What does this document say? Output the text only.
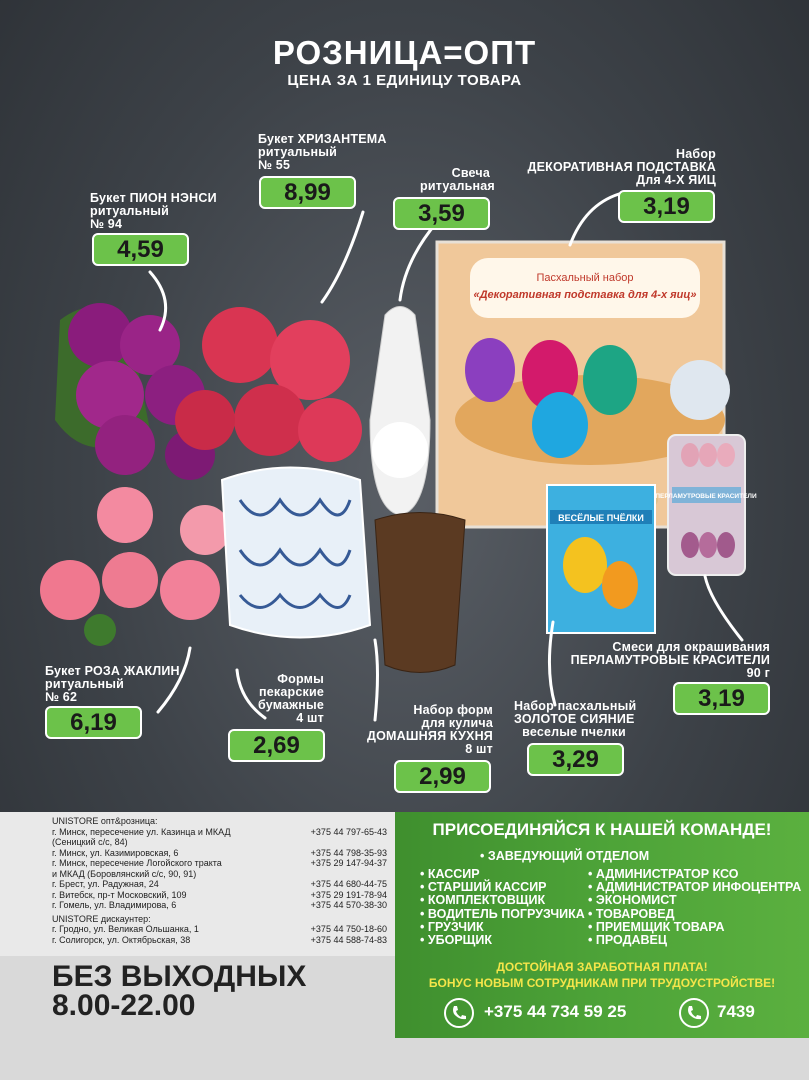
РОЗНИЦА=ОПТ
ЦЕНА ЗА 1 ЕДИНИЦУ ТОВАРА
Пасхальный набор
«Декоративная подставка для 4-х яиц»
ПЕРЛАМУТРОВЫЕ КРАСИТЕЛИ
ВЕСЁЛЫЕ ПЧЁЛКИ
Букет ПИОН НЭНСИ
ритуальный
№ 94
4,59
Букет ХРИЗАНТЕМА
ритуальный
№ 55
8,99
Свеча
ритуальная
3,59
Набор
ДЕКОРАТИВНАЯ ПОДСТАВКА
Для 4-Х ЯИЦ
3,19
Букет РОЗА ЖАКЛИН
ритуальный
№ 62
6,19
Формы
пекарские
бумажные
4 шт
2,69
Набор форм
для кулича
ДОМАШНЯЯ КУХНЯ
8 шт
2,99
Набор пасхальный
ЗОЛОТОЕ СИЯНИЕ
веселые пчелки
3,29
Смеси для окрашивания
ПЕРЛАМУТРОВЫЕ КРАСИТЕЛИ
90 г
3,19
UNISTORE опт&розница:
г. Минск, пересечение ул. Казинца и МКАД	+375 44 797-65-43
(Сеницкий с/с, 84)
г. Минск, ул. Казимировская, 6	+375 44 798-35-93
г. Минск, пересечение Логойского тракта	+375 29 147-94-37
и МКАД (Боровлянский с/с, 90, 91)
г. Брест, ул. Радужная, 24	+375 44 680-44-75
г. Витебск, пр-т Московский, 109	+375 29 191-78-94
г. Гомель, ул. Владимирова, 6	+375 44 570-38-30
UNISTORE дискаунтер:
г. Гродно, ул. Великая Ольшанка, 1	+375 44 750-18-60
г. Солигорск, ул. Октябрьская, 38	+375 44 588-74-83
БЕЗ ВЫХОДНЫХ
8.00-22.00
ПРИСОЕДИНЯЙСЯ К НАШЕЙ КОМАНДЕ!
• ЗАВЕДУЮЩИЙ ОТДЕЛОМ
• КАССИР
• СТАРШИЙ КАССИР
• КОМПЛЕКТОВЩИК
• ВОДИТЕЛЬ ПОГРУЗЧИКА
• ГРУЗЧИК
• УБОРЩИК
• АДМИНИСТРАТОР КСО
• АДМИНИСТРАТОР ИНФОЦЕНТРА
• ЭКОНОМИСТ
• ТОВАРОВЕД
• ПРИЕМЩИК ТОВАРА
• ПРОДАВЕЦ
ДОСТОЙНАЯ ЗАРАБОТНАЯ ПЛАТА!
БОНУС НОВЫМ СОТРУДНИКАМ ПРИ ТРУДОУСТРОЙСТВЕ!
+375 44 734 59 25	7439
